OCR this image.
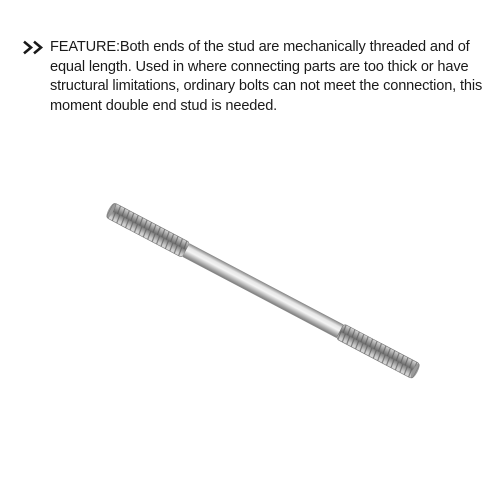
FEATURE:Both ends of the stud are mechanically threaded and of equal length. Used in where connecting parts are too thick or have structural limitations, ordinary bolts can not meet the connection, this moment double end stud is needed.
